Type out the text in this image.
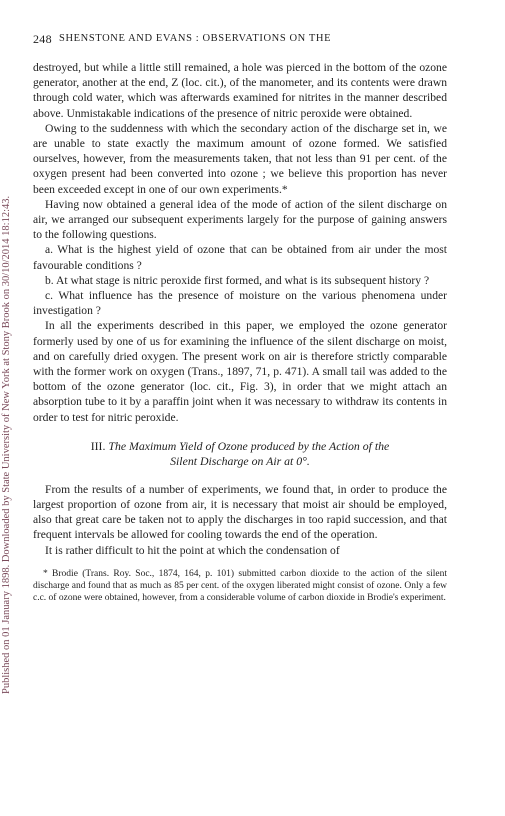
Published on 01 January 1898. Downloaded by State University of New York at Stony Brook on 30/10/2014 18:12:43.
248 SHENSTONE AND EVANS : OBSERVATIONS ON THE

destroyed, but while a little still remained, a hole was pierced in the bottom of the ozone generator, another at the end, Z (loc. cit.), of the manometer, and its contents were drawn through cold water, which was afterwards examined for nitrites in the manner described above. Unmistakable indications of the presence of nitric peroxide were obtained.

Owing to the suddenness with which the secondary action of the discharge set in, we are unable to state exactly the maximum amount of ozone formed. We satisfied ourselves, however, from the measurements taken, that not less than 91 per cent. of the oxygen present had been converted into ozone ; we believe this proportion has never been exceeded except in one of our own experiments.*

Having now obtained a general idea of the mode of action of the silent discharge on air, we arranged our subsequent experiments largely for the purpose of gaining answers to the following questions.

a. What is the highest yield of ozone that can be obtained from air under the most favourable conditions ?

b. At what stage is nitric peroxide first formed, and what is its subsequent history ?

c. What influence has the presence of moisture on the various phenomena under investigation ?

In all the experiments described in this paper, we employed the ozone generator formerly used by one of us for examining the influence of the silent discharge on moist, and on carefully dried oxygen. The present work on air is therefore strictly comparable with the former work on oxygen (Trans., 1897, 71, p. 471). A small tail was added to the bottom of the ozone generator (loc. cit., Fig. 3), in order that we might attach an absorption tube to it by a paraffin joint when it was necessary to withdraw its contents in order to test for nitric peroxide.

III. The Maximum Yield of Ozone produced by the Action of the
Silent Discharge on Air at 0°.

From the results of a number of experiments, we found that, in order to produce the largest proportion of ozone from air, it is necessary that moist air should be employed, also that great care be taken not to apply the discharges in too rapid succession, and that frequent intervals be allowed for cooling towards the end of the operation.

It is rather difficult to hit the point at which the condensation of

* Brodie (Trans. Roy. Soc., 1874, 164, p. 101) submitted carbon dioxide to the action of the silent discharge and found that as much as 85 per cent. of the oxygen liberated might consist of ozone. Only a few c.c. of ozone were obtained, however, from a considerable volume of carbon dioxide in Brodie's experiment.
